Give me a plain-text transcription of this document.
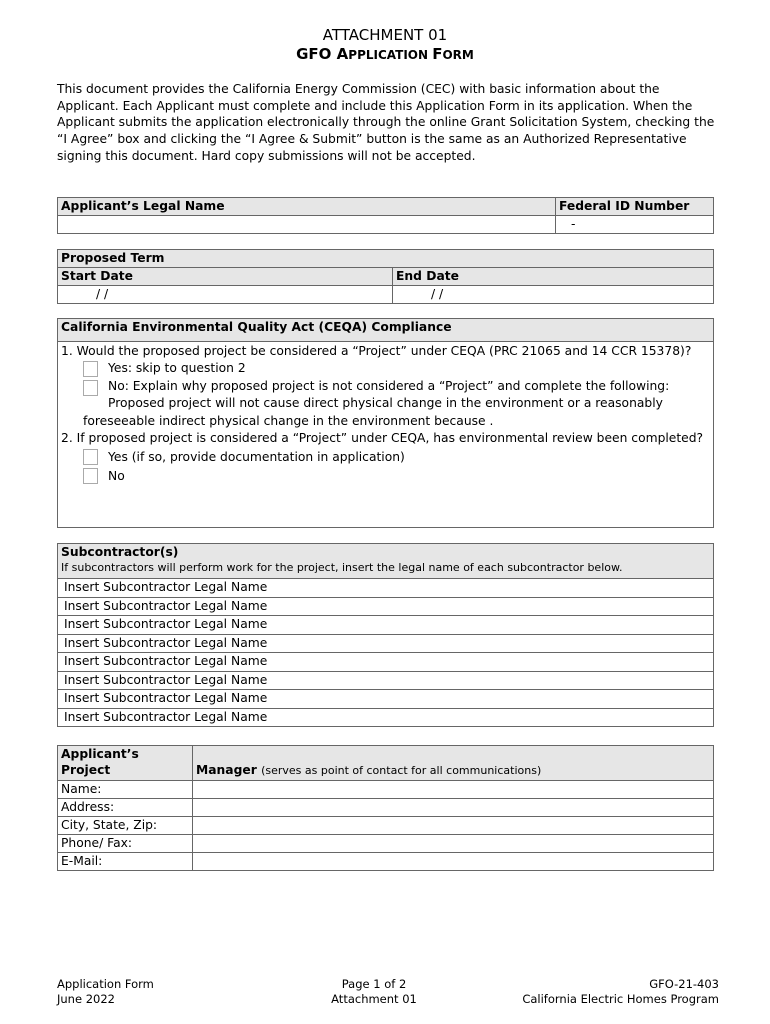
ATTACHMENT 01
GFO APPLICATION FORM
This document provides the California Energy Commission (CEC) with basic information about the Applicant. Each Applicant must complete and include this Application Form in its application. When the Applicant submits the application electronically through the online Grant Solicitation System, checking the “I Agree” box and clicking the “I Agree & Submit” button is the same as an Authorized Representative signing this document. Hard copy submissions will not be accepted.
Applicant’s Legal Name	Federal ID Number
	-
Proposed Term	
Start Date	End Date
/ /	/ /
California Environmental Quality Act (CEQA) Compliance

1. Would the proposed project be considered a “Project” under CEQA (PRC 21065 and 14 CCR 15378)?
Yes: skip to question 2
No: Explain why proposed project is not considered a “Project” and complete the following:
Proposed project will not cause direct physical change in the environment or a reasonably foreseeable indirect physical change in the environment because .
2. If proposed project is considered a “Project” under CEQA, has environmental review been completed?
Yes (if so, provide documentation in application)
No
Subcontractor(s)
If subcontractors will perform work for the project, insert the legal name of each subcontractor below.

Insert Subcontractor Legal Name
Insert Subcontractor Legal Name
Insert Subcontractor Legal Name
Insert Subcontractor Legal Name
Insert Subcontractor Legal Name
Insert Subcontractor Legal Name
Insert Subcontractor Legal Name
Insert Subcontractor Legal Name
Applicant’s
Project	Manager (serves as point of contact for all communications)
Name:	
Address:	
City, State, Zip:	
Phone/ Fax:	
E-Mail:	
Application Form
June 2022
Page 1 of 2
Attachment 01
GFO-21-403
California Electric Homes Program
